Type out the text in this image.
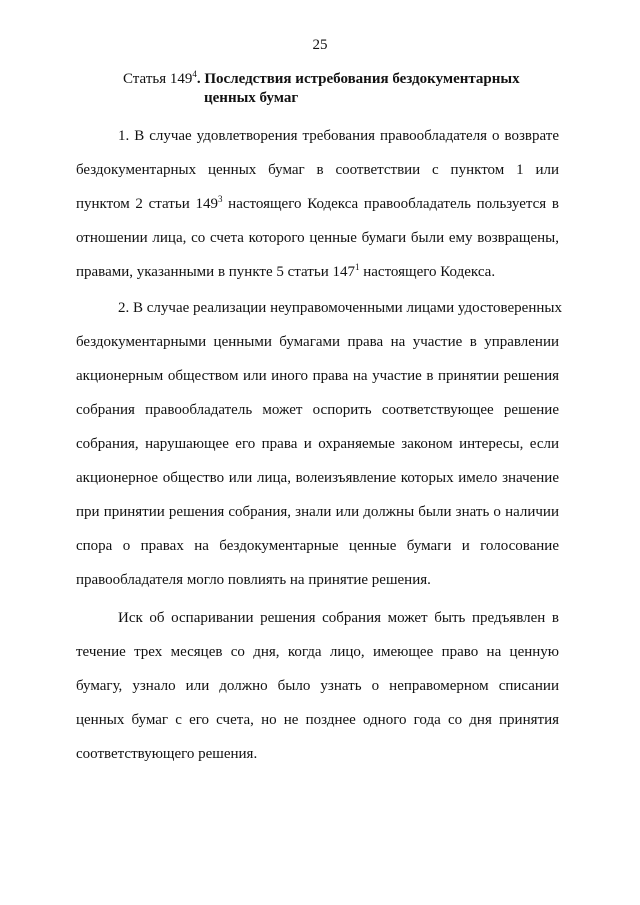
25
Статья $149^4$. Последствия истребования бездокументарных
ценных бумаг
1. В случае удовлетворения требования правообладателя о возврате
бездокументарных ценных бумаг в соответствии с пунктом 1 или
пунктом 2 статьи $149^3$ настоящего Кодекса правообладатель пользуется в
отношении лица, со счета которого ценные бумаги были ему возвращены,
правами, указанными в пункте 5 статьи $147^1$ настоящего Кодекса.
2. В случае реализации неуправомоченными лицами удостоверенных
бездокументарными ценными бумагами права на участие в управлении
акционерным обществом или иного права на участие в принятии решения
собрания правообладатель может оспорить соответствующее решение
собрания, нарушающее его права и охраняемые законом интересы, если
акционерное общество или лица, волеизъявление которых имело значение
при принятии решения собрания, знали или должны были знать о наличии
спора о правах на бездокументарные ценные бумаги и голосование
правообладателя могло повлиять на принятие решения.
Иск об оспаривании решения собрания может быть предъявлен в
течение трех месяцев со дня, когда лицо, имеющее право на ценную
бумагу, узнало или должно было узнать о неправомерном списании
ценных бумаг с его счета, но не позднее одного года со дня принятия
соответствующего решения.
